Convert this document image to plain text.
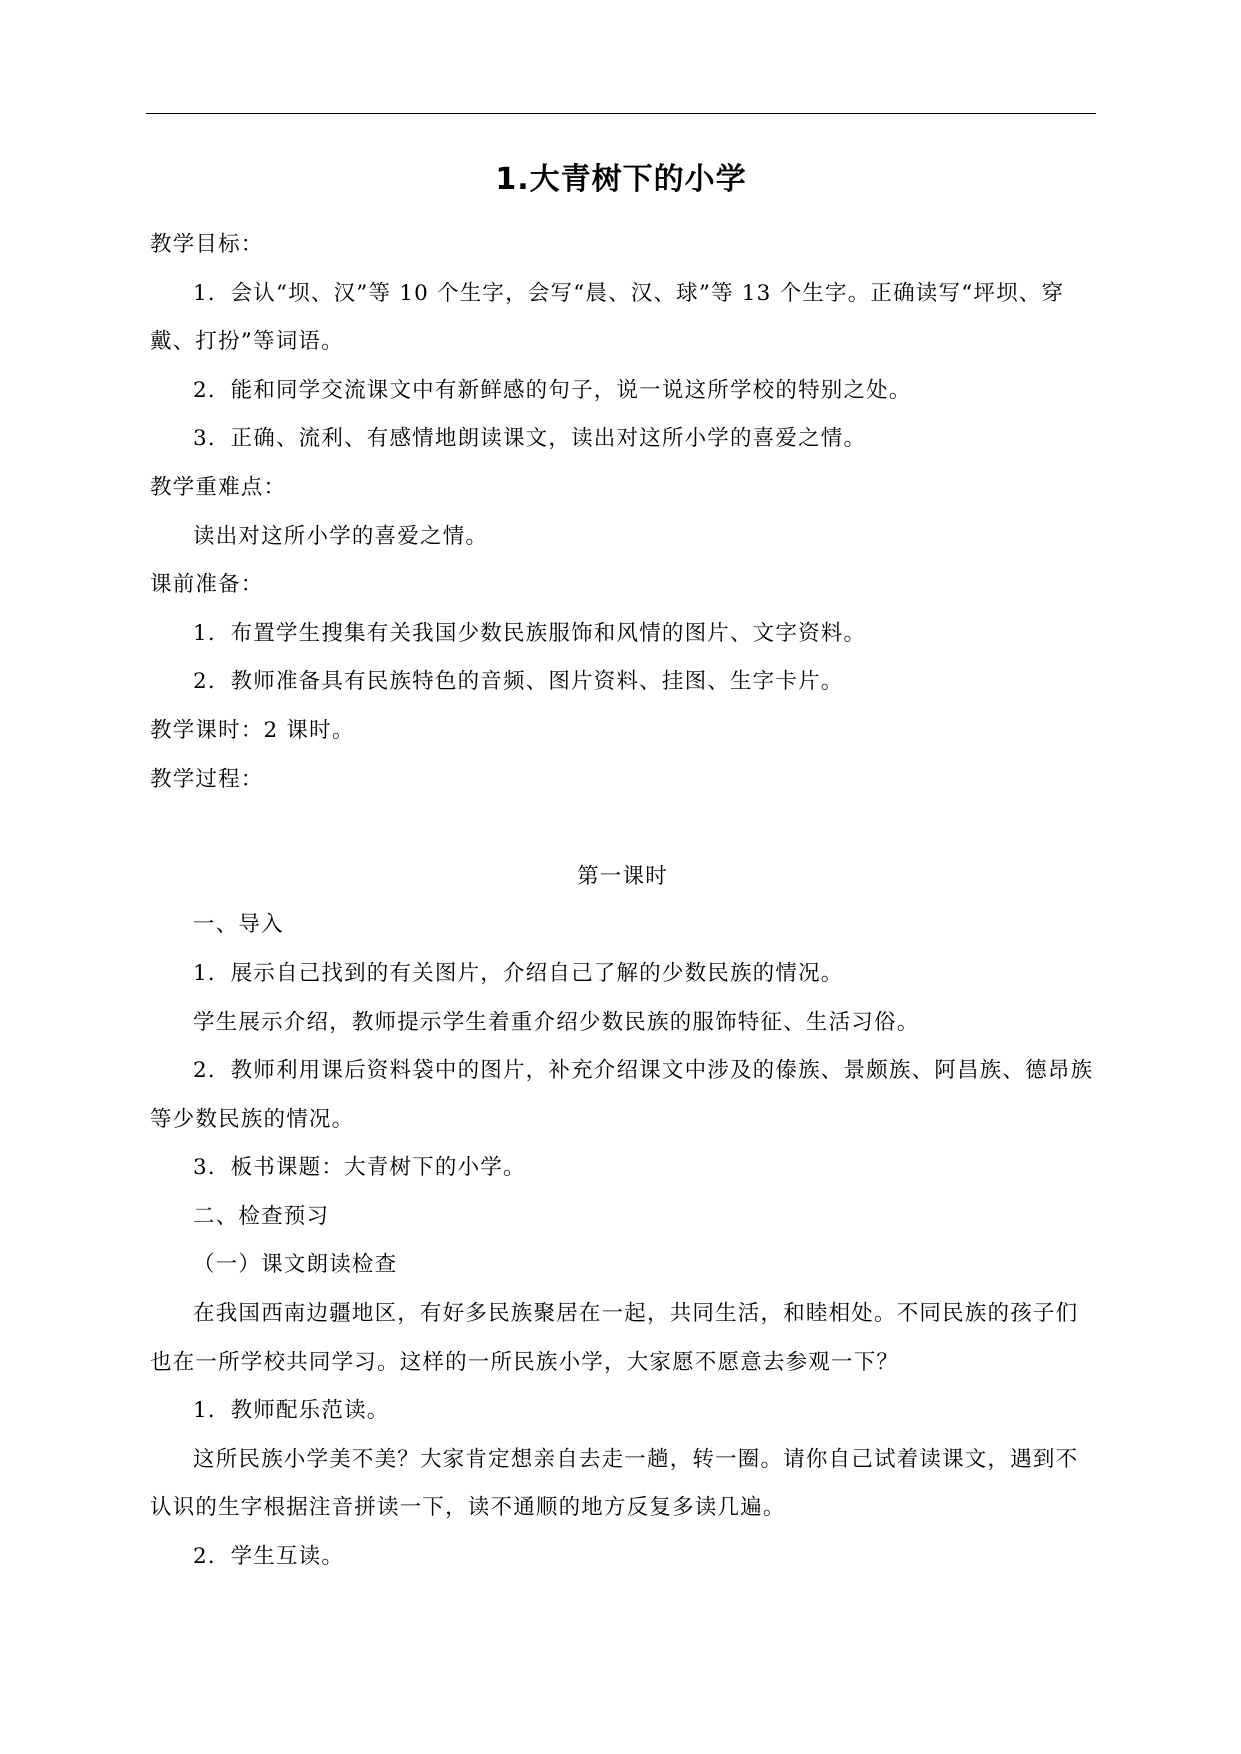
1.大青树下的小学

教学目标：

1．会认“坝、汉”等 10 个生字，会写“晨、汉、球”等 13 个生字。正确读写“坪坝、穿戴、打扮”等词语。

2．能和同学交流课文中有新鲜感的句子，说一说这所学校的特别之处。

3．正确、流利、有感情地朗读课文，读出对这所小学的喜爱之情。

教学重难点：

读出对这所小学的喜爱之情。

课前准备：

1．布置学生搜集有关我国少数民族服饰和风情的图片、文字资料。

2．教师准备具有民族特色的音频、图片资料、挂图、生字卡片。

教学课时：2 课时。

教学过程：

第一课时

一、导入

1．展示自己找到的有关图片，介绍自己了解的少数民族的情况。

学生展示介绍，教师提示学生着重介绍少数民族的服饰特征、生活习俗。

2．教师利用课后资料袋中的图片，补充介绍课文中涉及的傣族、景颇族、阿昌族、德昂族等少数民族的情况。

3．板书课题：大青树下的小学。

二、检查预习

（一）课文朗读检查

在我国西南边疆地区，有好多民族聚居在一起，共同生活，和睦相处。不同民族的孩子们也在一所学校共同学习。这样的一所民族小学，大家愿不愿意去参观一下？

1．教师配乐范读。

这所民族小学美不美？大家肯定想亲自去走一趟，转一圈。请你自己试着读课文，遇到不认识的生字根据注音拼读一下，读不通顺的地方反复多读几遍。

2．学生互读。
